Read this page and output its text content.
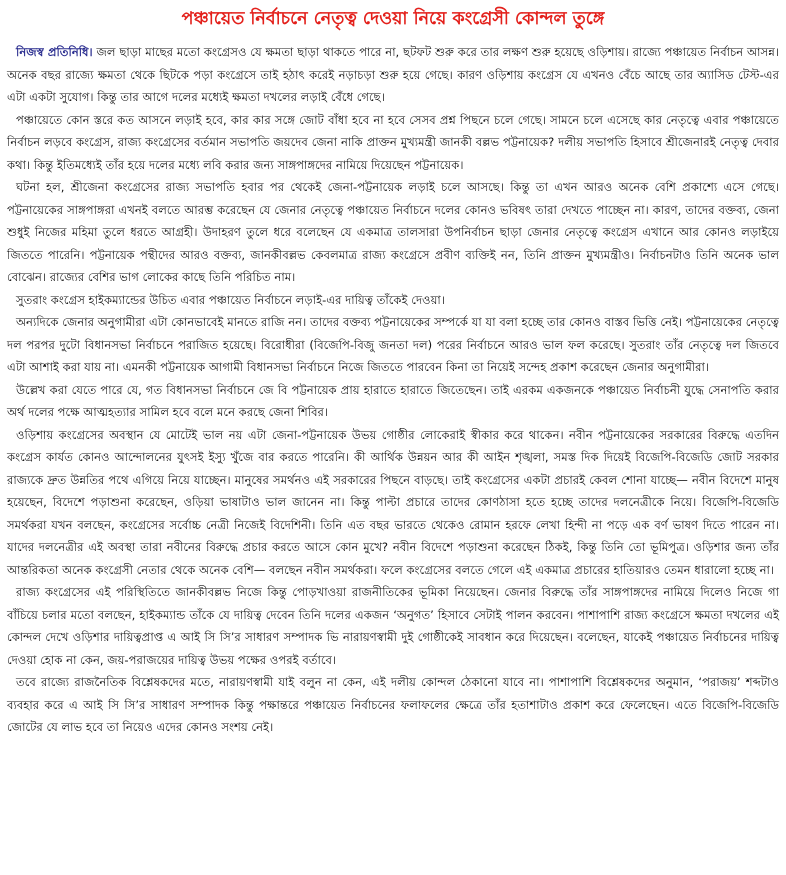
পঞ্চায়েত নির্বাচনে নেতৃত্ব দেওয়া নিয়ে কংগ্রেসী কোন্দল তুঙ্গে

নিজস্ব প্রতিনিধি। জল ছাড়া মাছের মতো কংগ্রেসও যে ক্ষমতা ছাড়া থাকতে পারে না, ছটফট শুরু করে তার লক্ষণ শুরু হয়েছে ওড়িশায়। রাজ্যে পঞ্চায়েত নির্বাচন আসন্ন। অনেক বছর রাজ্যে ক্ষমতা থেকে ছিটকে পড়া কংগ্রেসে তাই হঠাৎ করেই নড়াচড়া শুরু হয়ে গেছে। কারণ ওড়িশায় কংগ্রেস যে এখনও বেঁচে আছে তার অ্যাসিড টেস্ট-এর এটা একটা সুযোগ। কিন্তু তার আগে দলের মধ্যেই ক্ষমতা দখলের লড়াই বেঁধে গেছে।

পঞ্চায়েতে কোন স্তরে কত আসনে লড়াই হবে, কার কার সঙ্গে জোট বাঁধা হবে না হবে সেসব প্রশ্ন পিছনে চলে গেছে। সামনে চলে এসেছে কার নেতৃত্বে এবার পঞ্চায়েতে নির্বাচন লড়বে কংগ্রেস, রাজ্য কংগ্রেসের বর্তমান সভাপতি জয়দেব জেনা নাকি প্রাক্তন মুখ্যমন্ত্রী জানকী বল্লভ পট্টনায়েক? দলীয় সভাপতি হিসাবে শ্রীজেনারই নেতৃত্ব দেবার কথা। কিন্তু ইতিমধ্যেই তাঁর হয়ে দলের মধ্যে লবি করার জন্য সাঙ্গপাঙ্গদের নামিয়ে দিয়েছেন পট্টনায়েক।

ঘটনা হল, শ্রীজেনা কংগ্রেসের রাজ্য সভাপতি হবার পর থেকেই জেনা-পট্টনায়েক লড়াই চলে আসছে। কিন্তু তা এখন আরও অনেক বেশি প্রকাশ্যে এসে গেছে। পট্টনায়েকের সাঙ্গপাঙ্গরা এখনই বলতে আরম্ভ করেছেন যে জেনার নেতৃত্বে পঞ্চায়েত নির্বাচনে দলের কোনও ভবিষৎ তারা দেখতে পাচ্ছেন না। কারণ, তাদের বক্তব্য, জেনা শুধুই নিজের মহিমা তুলে ধরতে আগ্রহী। উদাহরণ তুলে ধরে বলেছেন যে একমাত্র তালসারা উপনির্বাচন ছাড়া জেনার নেতৃত্বে কংগ্রেস এখানে আর কোনও লড়াইয়ে জিততে পারেনি। পট্টনায়েক পন্থীদের আরও বক্তব্য, জানকীবল্লভ কেবলমাত্র রাজ্য কংগ্রেসে প্রবীণ ব্যক্তিই নন, তিনি প্রাক্তন মুখ্যমন্ত্রীও। নির্বাচনটাও তিনি অনেক ভাল বোঝেন। রাজ্যের বেশির ভাগ লোকের কাছে তিনি পরিচিত নাম।

সুতরাং কংগ্রেস হাইকম্যান্ডের উচিত এবার পঞ্চায়েত নির্বাচনে লড়াই-এর দায়িত্ব তাঁকেই দেওয়া।

অন্যদিকে জেনার অনুগামীরা এটা কোনভাবেই মানতে রাজি নন। তাদের বক্তব্য পট্টনায়েকের সম্পর্কে যা যা বলা হচ্ছে তার কোনও বাস্তব ভিত্তি নেই। পট্টনায়েকের নেতৃত্বে দল পরপর দুটো বিধানসভা নির্বাচনে পরাজিত হয়েছে। বিরোধীরা (বিজেপি-বিজু জনতা দল) পরের নির্বাচনে আরও ভাল ফল করেছে। সুতরাং তাঁর নেতৃত্বে দল জিতবে এটা আশাই করা যায় না। এমনকী পট্টনায়েক আগামী বিধানসভা নির্বাচনে নিজে জিততে পারবেন কিনা তা নিয়েই সন্দেহ প্রকাশ করেছেন জেনার অনুগামীরা।

উল্লেখ করা যেতে পারে যে, গত বিধানসভা নির্বাচনে জে বি পট্টনায়েক প্রায় হারাতে হারাতে জিতেছেন। তাই এরকম একজনকে পঞ্চায়েত নির্বাচনী যুদ্ধে সেনাপতি করার অর্থ দলের পক্ষে আত্মহত্যার সামিল হবে বলে মনে করছে জেনা শিবির।

ওড়িশায় কংগ্রেসের অবস্থান যে মোটেই ভাল নয় এটা জেনা-পট্টনায়েক উভয় গোষ্ঠীর লোকেরাই স্বীকার করে থাকেন। নবীন পট্টনায়েকের সরকারের বিরুদ্ধে এতদিন কংগ্রেস কার্যত কোনও আন্দোলনের যুৎসই ইস্যু খুঁজে বার করতে পারেনি। কী আর্থিক উন্নয়ন আর কী আইন শৃঙ্খলা, সমস্ত দিক দিয়েই বিজেপি-বিজেডি জোট সরকার রাজ্যকে দ্রুত উন্নতির পথে এগিয়ে নিয়ে যাচ্ছেন। মানুষের সমর্থনও এই সরকারের পিছনে বাড়ছে। তাই কংগ্রেসের একটা প্রচারই কেবল শোনা যাচ্ছে— নবীন বিদেশে মানুষ হয়েছেন, বিদেশে পড়াশুনা করেছেন, ওড়িয়া ভাষাটাও ভাল জানেন না। কিন্তু পাল্টা প্রচারে তাদের কোণঠাসা হতে হচ্ছে তাদের দলনেত্রীকে নিয়ে। বিজেপি-বিজেডি সমর্থকরা যখন বলছেন, কংগ্রেসের সর্বোচ্চ নেত্রী নিজেই বিদেশিনী। তিনি এত বছর ভারতে থেকেও রোমান হরফে লেখা হিন্দী না পড়ে এক বর্ণ ভাষণ দিতে পারেন না। যাদের দলনেত্রীর এই অবস্থা তারা নবীনের বিরুদ্ধে প্রচার করতে আসে কোন মুখে? নবীন বিদেশে পড়াশুনা করেছেন ঠিকই, কিন্তু তিনি তো ভূমিপুত্র। ওড়িশার জন্য তাঁর আন্তরিকতা অনেক কংগ্রেসী নেতার থেকে অনেক বেশি— বলছেন নবীন সমর্থকরা। ফলে কংগ্রেসের বলতে গেলে এই একমাত্র প্রচারের হাতিয়ারও তেমন ধারালো হচ্ছে না।

রাজ্য কংগ্রেসের এই পরিস্থিতিতে জানকীবল্লভ নিজে কিন্তু পোড়খাওয়া রাজনীতিকের ভূমিকা নিয়েছেন। জেনার বিরুদ্ধে তাঁর সাঙ্গপাঙ্গদের নামিয়ে দিলেও নিজে গা বাঁচিয়ে চলার মতো বলছেন, হাইকম্যান্ড তাঁকে যে দায়িত্ব দেবেন তিনি দলের একজন ‘অনুগত’ হিসাবে সেটাই পালন করবেন। পাশাপাশি রাজ্য কংগ্রেসে ক্ষমতা দখলের এই কোন্দল দেখে ওড়িশার দায়িত্বপ্রাপ্ত এ আই সি সি’র সাধারণ সম্পাদক ভি নারায়ণস্বামী দুই গোষ্ঠীকেই সাবধান করে দিয়েছেন। বলেছেন, যাকেই পঞ্চায়েত নির্বাচনের দায়িত্ব দেওয়া হোক না কেন, জয়-পরাজয়ের দায়িত্ব উভয় পক্ষের ওপরই বর্তাবে।

তবে রাজ্যে রাজনৈতিক বিশ্লেষকদের মতে, নারায়ণস্বামী যাই বলুন না কেন, এই দলীয় কোন্দল ঠেকানো যাবে না। পাশাপাশি বিশ্লেষকদের অনুমান, ‘পরাজয়’ শব্দটাও ব্যবহার করে এ আই সি সি’র সাধারণ সম্পাদক কিন্তু পক্ষান্তরে পঞ্চায়েত নির্বাচনের ফলাফলের ক্ষেত্রে তাঁর হতাশাটাও প্রকাশ করে ফেলেছেন। এতে বিজেপি-বিজেডি জোটের যে লাভ হবে তা নিয়েও এদের কোনও সংশয় নেই।
